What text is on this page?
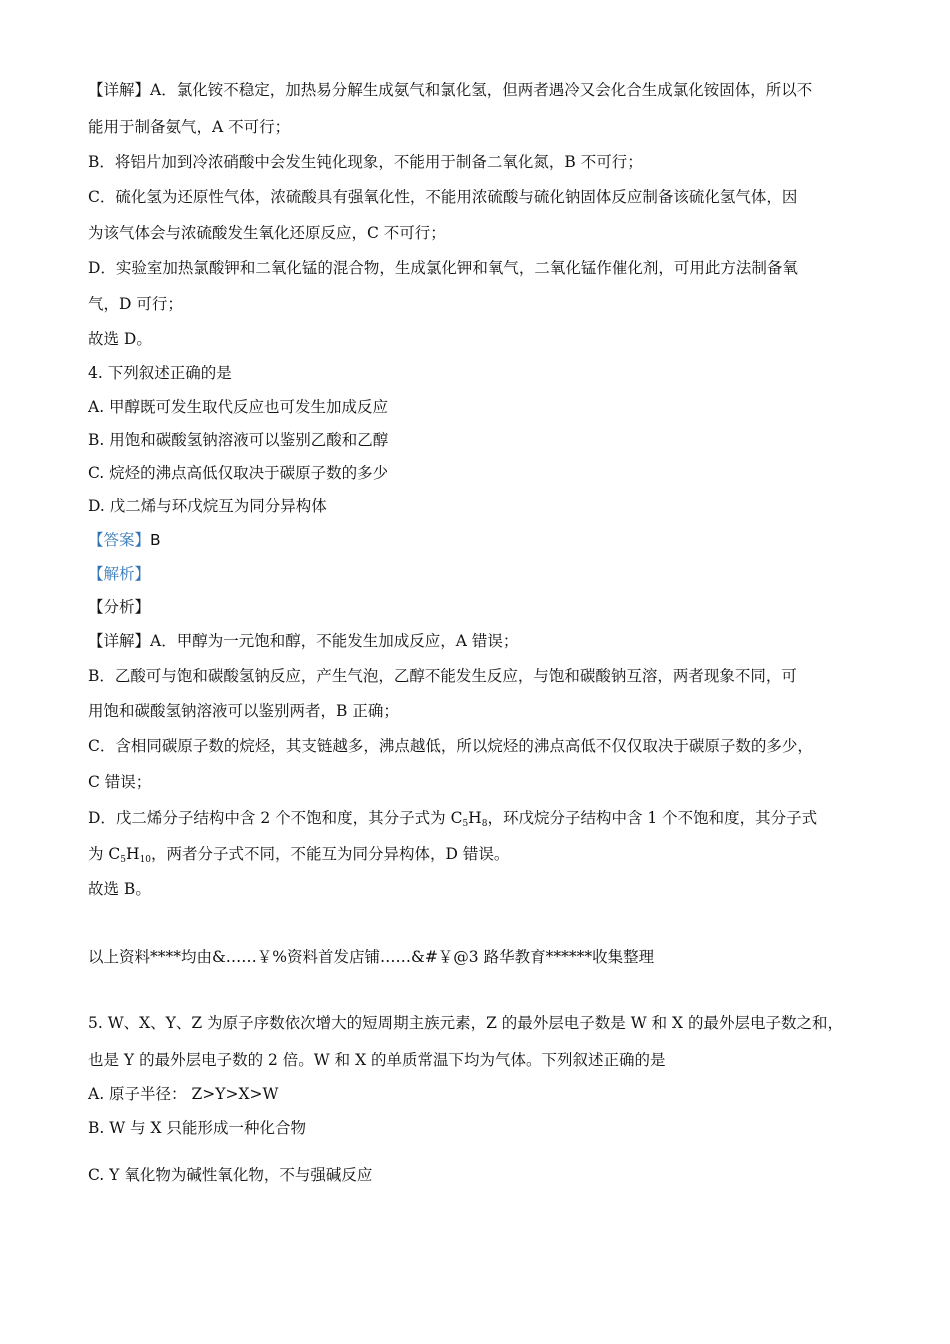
【详解】A．氯化铵不稳定，加热易分解生成氨气和氯化氢，但两者遇冷又会化合生成氯化铵固体，所以不
能用于制备氨气，A 不可行；
B．将铝片加到冷浓硝酸中会发生钝化现象，不能用于制备二氧化氮，B 不可行；
C．硫化氢为还原性气体，浓硫酸具有强氧化性，不能用浓硫酸与硫化钠固体反应制备该硫化氢气体，因
为该气体会与浓硫酸发生氧化还原反应，C 不可行；
D．实验室加热氯酸钾和二氧化锰的混合物，生成氯化钾和氧气，二氧化锰作催化剂，可用此方法制备氧
气，D 可行；
故选 D。
4. 下列叙述正确的是
A. 甲醇既可发生取代反应也可发生加成反应
B. 用饱和碳酸氢钠溶液可以鉴别乙酸和乙醇
C. 烷烃的沸点高低仅取决于碳原子数的多少
D. 戊二烯与环戊烷互为同分异构体
【答案】B
【解析】
【分析】
【详解】A．甲醇为一元饱和醇，不能发生加成反应，A 错误；
B．乙酸可与饱和碳酸氢钠反应，产生气泡，乙醇不能发生反应，与饱和碳酸钠互溶，两者现象不同，可
用饱和碳酸氢钠溶液可以鉴别两者，B 正确；
C．含相同碳原子数的烷烃，其支链越多，沸点越低，所以烷烃的沸点高低不仅仅取决于碳原子数的多少，
C 错误；
D．戊二烯分子结构中含 2 个不饱和度，其分子式为 $C_5H_8$，环戊烷分子结构中含 1 个不饱和度，其分子式
为 $C_5H_{10}$，两者分子式不同，不能互为同分异构体，D 错误。
故选 B。
以上资料****均由&……￥%资料首发店铺……&#￥@3 路华教育******收集整理
5. W、X、Y、Z 为原子序数依次增大的短周期主族元素，Z 的最外层电子数是 W 和 X 的最外层电子数之和，
也是 Y 的最外层电子数的 2 倍。W 和 X 的单质常温下均为气体。下列叙述正确的是
A. 原子半径： Z>Y>X>W
B. W 与 X 只能形成一种化合物
C. Y 氧化物为碱性氧化物，不与强碱反应
